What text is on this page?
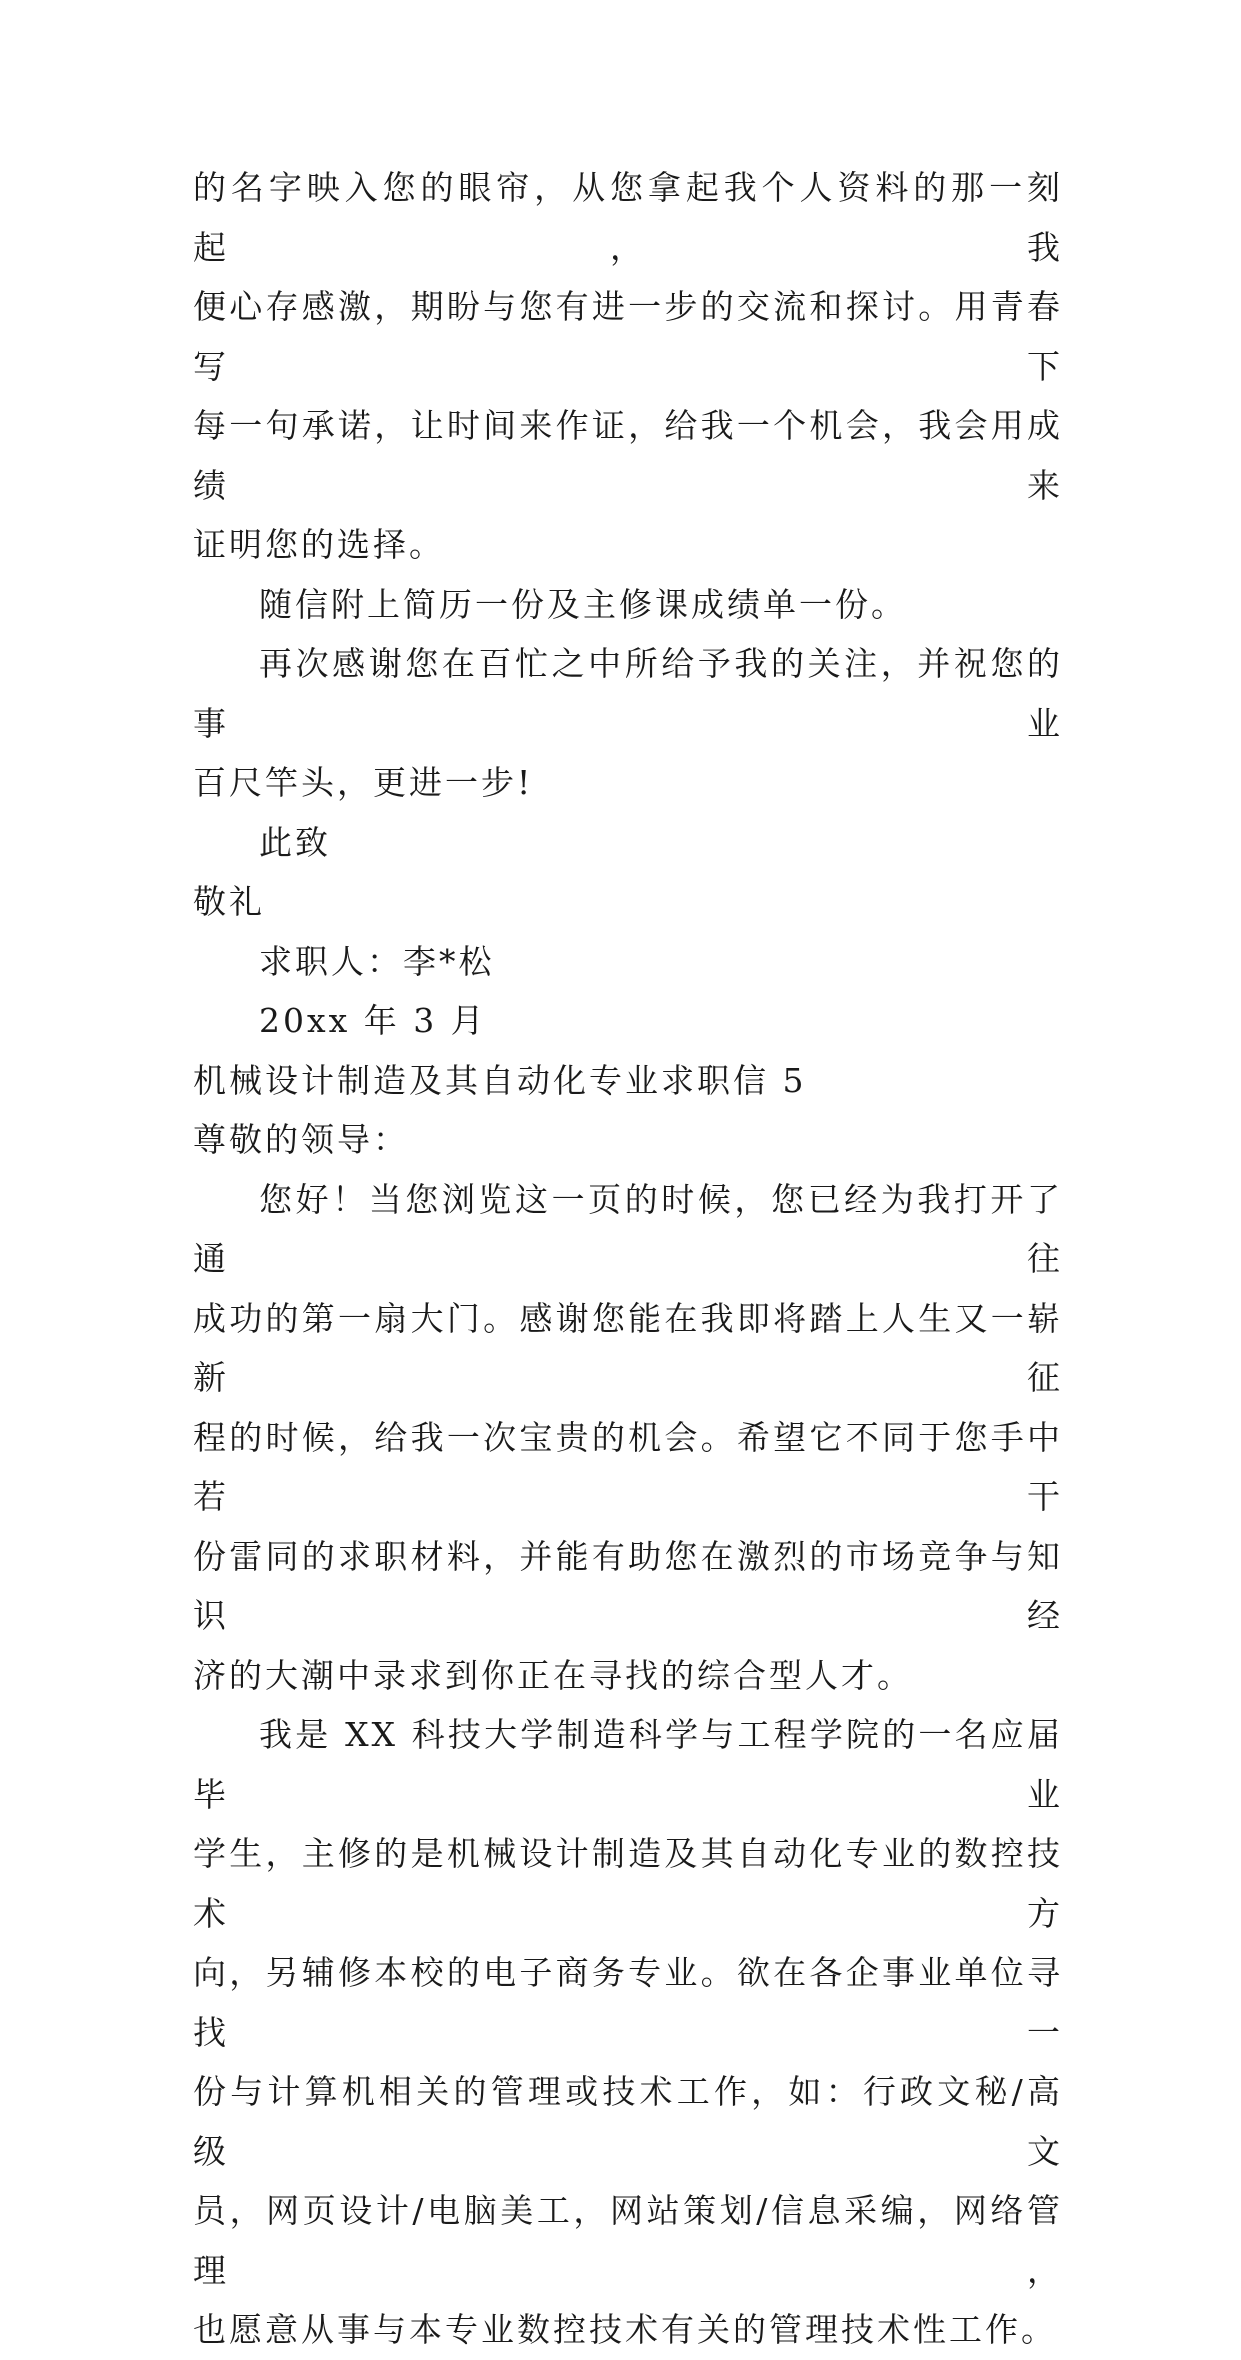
的名字映入您的眼帘，从您拿起我个人资料的那一刻起，我

便心存感激，期盼与您有进一步的交流和探讨。用青春写下

每一句承诺，让时间来作证，给我一个机会，我会用成绩来

证明您的选择。

随信附上简历一份及主修课成绩单一份。

再次感谢您在百忙之中所给予我的关注，并祝您的事业

百尺竿头，更进一步!

此致

敬礼

求职人：李*松

20xx 年 3 月

机械设计制造及其自动化专业求职信 5

尊敬的领导：

您好！当您浏览这一页的时候，您已经为我打开了通往

成功的第一扇大门。感谢您能在我即将踏上人生又一崭新征

程的时候，给我一次宝贵的机会。希望它不同于您手中若干

份雷同的求职材料，并能有助您在激烈的市场竞争与知识经

济的大潮中录求到你正在寻找的综合型人才。

我是 XX 科技大学制造科学与工程学院的一名应届毕业

学生，主修的是机械设计制造及其自动化专业的数控技术方

向，另辅修本校的电子商务专业。欲在各企事业单位寻找一

份与计算机相关的管理或技术工作，如：行政文秘/高级文

员，网页设计/电脑美工，网站策划/信息采编，网络管理，

也愿意从事与本专业数控技术有关的管理技术性工作。
